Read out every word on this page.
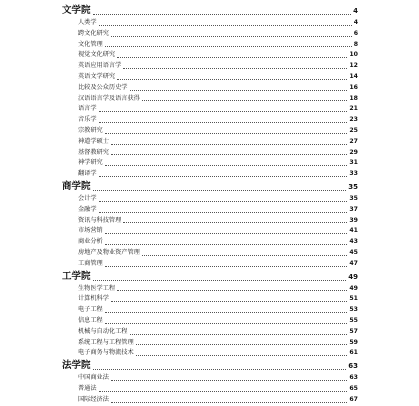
文学院	4
人类学	4
跨文化研究	6
文化管理	8
视觉文化研究	10
英语应用语言学	12
英语文学研究	14
比较及公众历史学	16
汉语语言学及语言获得	18
语言学	21
音乐学	23
宗教研究	25
神道学硕士	27
基督教研究	29
神学研究	31
翻译学	33
商学院	35
会计学	35
金融学	37
资讯与科技管理	39
市场营销	41
商业分析	43
房地产及物业资产管理	45
工商管理	47
工学院	49
生物医学工程	49
计算机科学	51
电子工程	53
信息工程	55
机械与自动化工程	57
系统工程与工程管理	59
电子商务与物流技术	61
法学院	63
中国商业法	63
普通法	65
国际经济法	67
